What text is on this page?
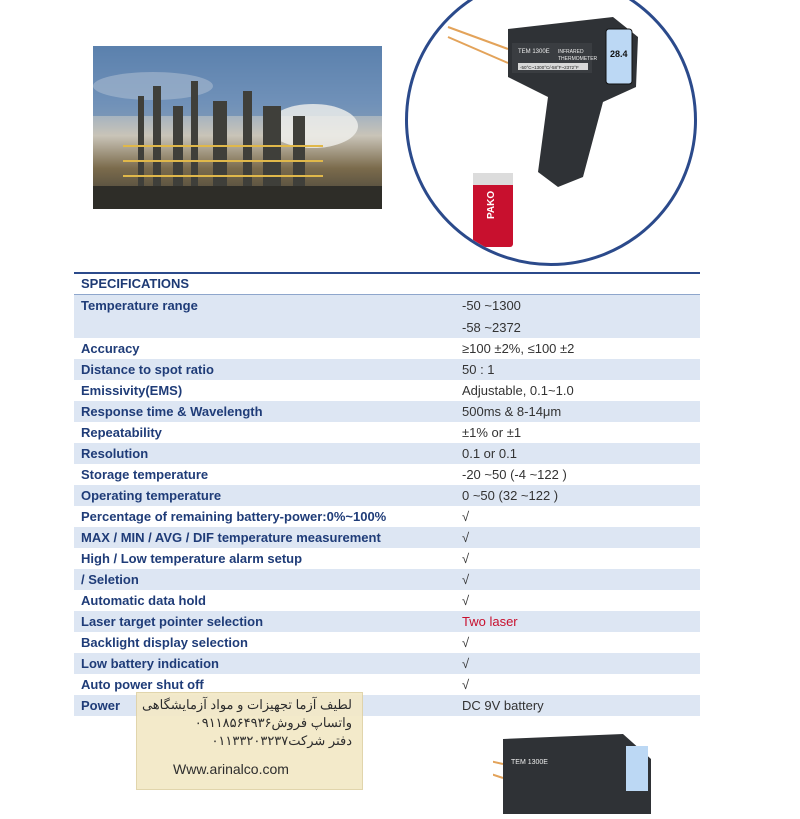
TEM 1300E INFRARED
THERMOMETER
-50°C~1300°C/-58°F~2372°F
28.4
PAKO
SPECIFICATIONS
Temperature range	-50 ~1300
-58 ~2372
Accuracy	≥100 ±2%, ≤100 ±2
Distance to spot ratio	50 : 1
Emissivity(EMS)	Adjustable, 0.1~1.0
Response time & Wavelength	500ms & 8-14μm
Repeatability	±1% or ±1
Resolution	0.1 or 0.1
Storage temperature	-20 ~50 (-4 ~122 )
Operating temperature	0 ~50 (32 ~122 )
Percentage of remaining battery-power:0%~100%	√
MAX / MIN / AVG / DIF temperature measurement	√
High / Low temperature alarm setup	√
/ Seletion	√
Automatic data hold	√
Laser target pointer selection	Two laser
Backlight display selection	√
Low battery indication	√
Auto power shut off	√
Power	DC 9V battery
TEM 1300E
لطیف آزما تجهیزات و مواد آزمایشگاهی
واتساپ فروش۰۹۱۱۸۵۶۴۹۳۶
دفتر شرکت۰۱۱۳۳۲۰۳۲۳۷
Www.arinalco.com
